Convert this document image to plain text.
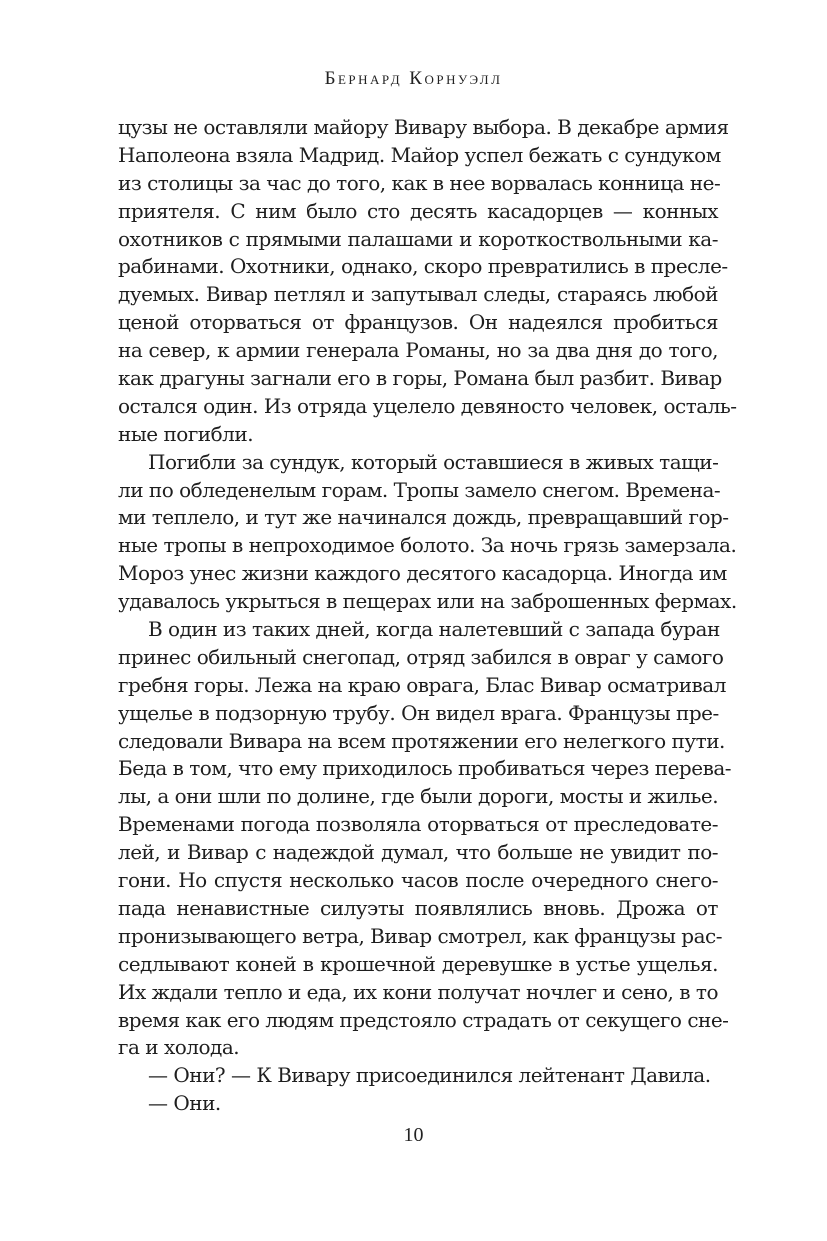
Бернард Корнуэлл
цузы не оставляли майору Вивару выбора. В декабре армия
Наполеона взяла Мадрид. Майор успел бежать с сундуком
из столицы за час до того, как в нее ворвалась конница не-
приятеля. С ним было сто десять касадорцев — конных
охотников с прямыми палашами и короткоствольными ка-
рабинами. Охотники, однако, скоро превратились в пресле-
дуемых. Вивар петлял и запутывал следы, стараясь любой
ценой оторваться от французов. Он надеялся пробиться
на север, к армии генерала Романы, но за два дня до того,
как драгуны загнали его в горы, Романа был разбит. Вивар
остался один. Из отряда уцелело девяносто человек, осталь-
ные погибли.
Погибли за сундук, который оставшиеся в живых тащи-
ли по обледенелым горам. Тропы замело снегом. Времена-
ми теплело, и тут же начинался дождь, превращавший гор-
ные тропы в непроходимое болото. За ночь грязь замерзала.
Мороз унес жизни каждого десятого касадорца. Иногда им
удавалось укрыться в пещерах или на заброшенных фермах.
В один из таких дней, когда налетевший с запада буран
принес обильный снегопад, отряд забился в овраг у самого
гребня горы. Лежа на краю оврага, Блас Вивар осматривал
ущелье в подзорную трубу. Он видел врага. Французы пре-
следовали Вивара на всем протяжении его нелегкого пути.
Беда в том, что ему приходилось пробиваться через перева-
лы, а они шли по долине, где были дороги, мосты и жилье.
Временами погода позволяла оторваться от преследовате-
лей, и Вивар с надеждой думал, что больше не увидит по-
гони. Но спустя несколько часов после очередного снего-
пада ненавистные силуэты появлялись вновь. Дрожа от
пронизывающего ветра, Вивар смотрел, как французы рас-
седлывают коней в крошечной деревушке в устье ущелья.
Их ждали тепло и еда, их кони получат ночлег и сено, в то
время как его людям предстояло страдать от секущего сне-
га и холода.
— Они? — К Вивару присоединился лейтенант Давила.
— Они.
10
